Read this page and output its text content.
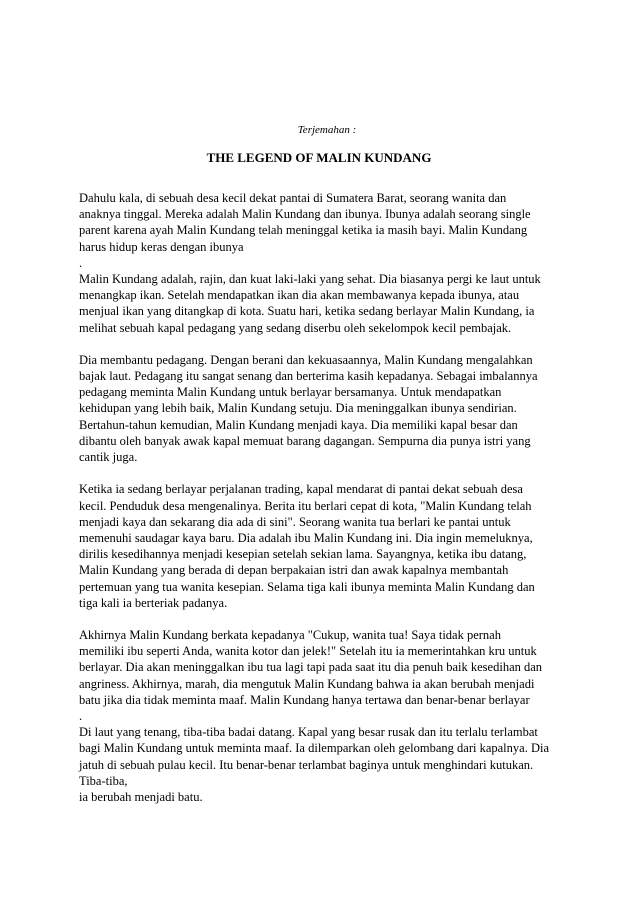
Terjemahan :
THE LEGEND OF MALIN KUNDANG
Dahulu kala, di sebuah desa kecil dekat pantai di Sumatera Barat, seorang wanita dan
anaknya tinggal. Mereka adalah Malin Kundang dan ibunya. Ibunya adalah seorang single
parent karena ayah Malin Kundang telah meninggal ketika ia masih bayi. Malin Kundang
harus hidup keras dengan ibunya
.
Malin Kundang adalah, rajin, dan kuat laki-laki yang sehat. Dia biasanya pergi ke laut untuk
menangkap ikan. Setelah mendapatkan ikan dia akan membawanya kepada ibunya, atau
menjual ikan yang ditangkap di kota. Suatu hari, ketika sedang berlayar Malin Kundang, ia
melihat sebuah kapal pedagang yang sedang diserbu oleh sekelompok kecil pembajak.
Dia membantu pedagang. Dengan berani dan kekuasaannya, Malin Kundang mengalahkan
bajak laut. Pedagang itu sangat senang dan berterima kasih kepadanya. Sebagai imbalannya
pedagang meminta Malin Kundang untuk berlayar bersamanya. Untuk mendapatkan
kehidupan yang lebih baik, Malin Kundang setuju. Dia meninggalkan ibunya sendirian.
Bertahun-tahun kemudian, Malin Kundang menjadi kaya. Dia memiliki kapal besar dan
dibantu oleh banyak awak kapal memuat barang dagangan. Sempurna dia punya istri yang
cantik juga.
Ketika ia sedang berlayar perjalanan trading, kapal mendarat di pantai dekat sebuah desa
kecil. Penduduk desa mengenalinya. Berita itu berlari cepat di kota, "Malin Kundang telah
menjadi kaya dan sekarang dia ada di sini". Seorang wanita tua berlari ke pantai untuk
memenuhi saudagar kaya baru. Dia adalah ibu Malin Kundang ini. Dia ingin memeluknya,
dirilis kesedihannya menjadi kesepian setelah sekian lama. Sayangnya, ketika ibu datang,
Malin Kundang yang berada di depan berpakaian istri dan awak kapalnya membantah
pertemuan yang tua wanita kesepian. Selama tiga kali ibunya meminta Malin Kundang dan
tiga kali ia berteriak padanya.
Akhirnya Malin Kundang berkata kepadanya "Cukup, wanita tua! Saya tidak pernah
memiliki ibu seperti Anda, wanita kotor dan jelek!" Setelah itu ia memerintahkan kru untuk
berlayar. Dia akan meninggalkan ibu tua lagi tapi pada saat itu dia penuh baik kesedihan dan
angriness. Akhirnya, marah, dia mengutuk Malin Kundang bahwa ia akan berubah menjadi
batu jika dia tidak meminta maaf. Malin Kundang hanya tertawa dan benar-benar berlayar
.
Di laut yang tenang, tiba-tiba badai datang. Kapal yang besar rusak dan itu terlalu terlambat
bagi Malin Kundang untuk meminta maaf. Ia dilemparkan oleh gelombang dari kapalnya. Dia
jatuh di sebuah pulau kecil. Itu benar-benar terlambat baginya untuk menghindari kutukan.
Tiba-tiba,
ia berubah menjadi batu.
